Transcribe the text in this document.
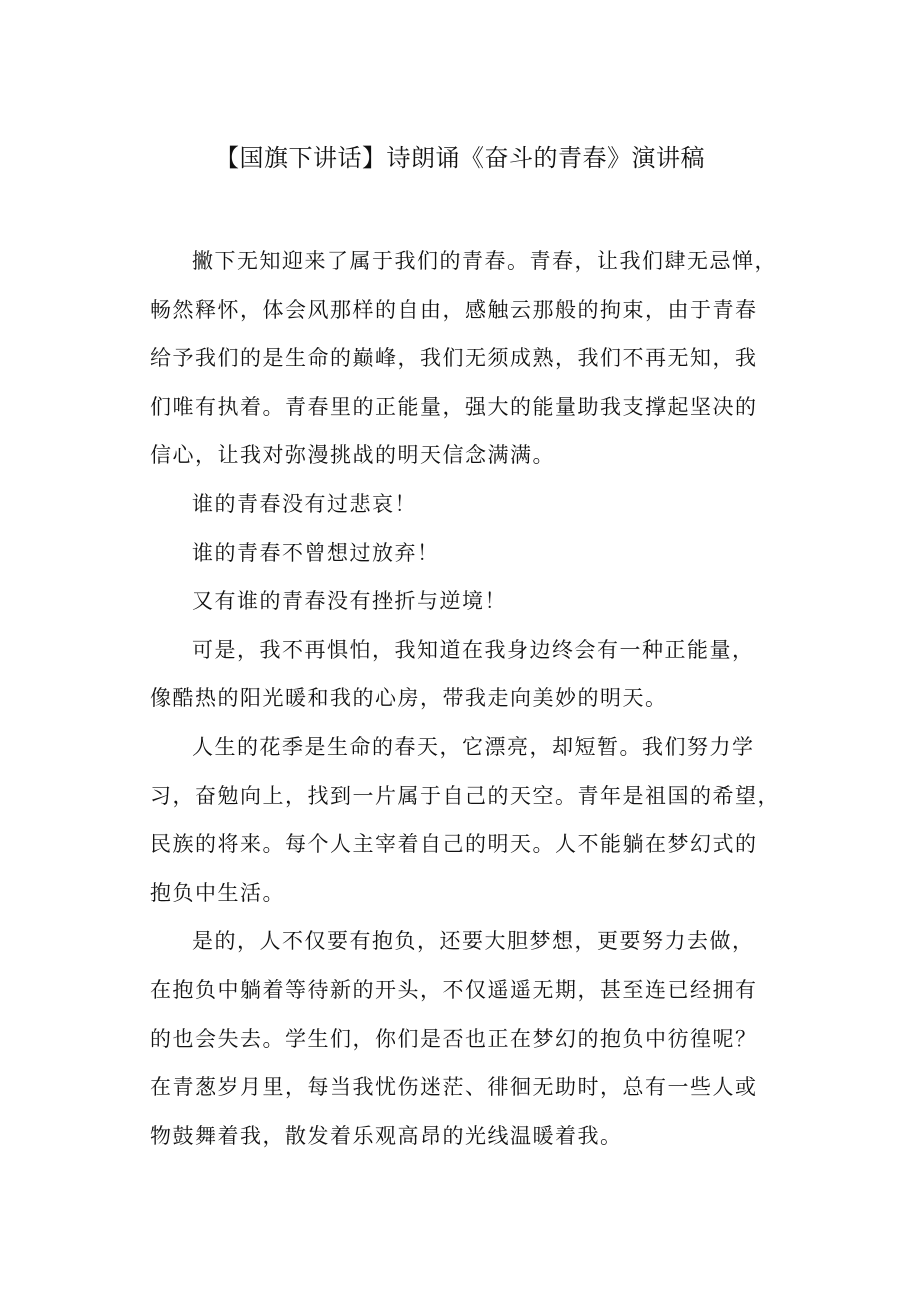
【国旗下讲话】诗朗诵《奋斗的青春》演讲稿
撇下无知迎来了属于我们的青春。青春，让我们肆无忌惮，
畅然释怀，体会风那样的自由，感触云那般的拘束，由于青春
给予我们的是生命的巅峰，我们无须成熟，我们不再无知，我
们唯有执着。青春里的正能量，强大的能量助我支撑起坚决的
信心，让我对弥漫挑战的明天信念满满。
谁的青春没有过悲哀！
谁的青春不曾想过放弃！
又有谁的青春没有挫折与逆境！
可是，我不再惧怕，我知道在我身边终会有一种正能量，
像酷热的阳光暖和我的心房，带我走向美妙的明天。
人生的花季是生命的春天，它漂亮，却短暂。我们努力学
习，奋勉向上，找到一片属于自己的天空。青年是祖国的希望，
民族的将来。每个人主宰着自己的明天。人不能躺在梦幻式的
抱负中生活。
是的，人不仅要有抱负，还要大胆梦想，更要努力去做，
在抱负中躺着等待新的开头，不仅遥遥无期，甚至连已经拥有
的也会失去。学生们，你们是否也正在梦幻的抱负中彷徨呢？
在青葱岁月里，每当我忧伤迷茫、徘徊无助时，总有一些人或
物鼓舞着我，散发着乐观高昂的光线温暖着我。
